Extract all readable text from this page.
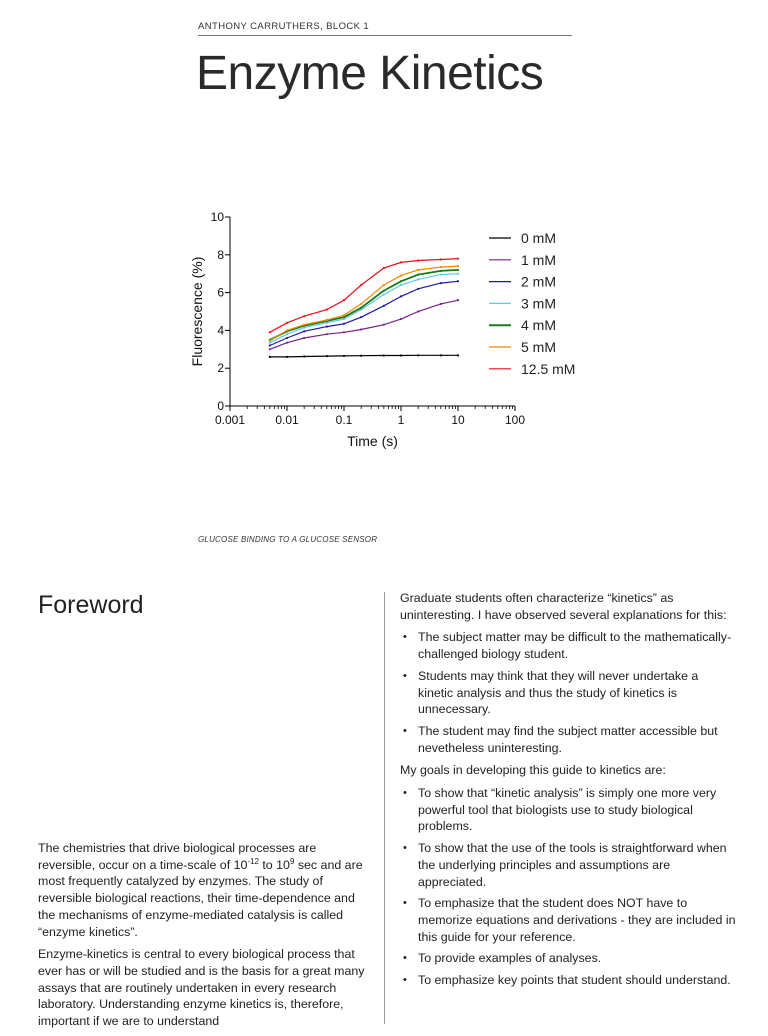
ANTHONY CARRUTHERS, BLOCK 1
Enzyme Kinetics
0
2
4
6
8
10
0.001	0.01	0.1	1	10	100
Time (s)
Fluorescence (%)
0 mM
1 mM
2 mM
3 mM
4 mM
5 mM
12.5 mM
GLUCOSE BINDING TO A GLUCOSE SENSOR
Foreword

The chemistries that drive biological processes are reversible, occur on a time-scale of $10^{-12}$ to $10^9$ sec and are most frequently catalyzed by enzymes. The study of reversible biological reactions, their time-dependence and the mechanisms of enzyme-mediated catalysis is called “enzyme kinetics”.

Enzyme-kinetics is central to every biological process that ever has or will be studied and is the basis for a great many assays that are routinely undertaken in every research laboratory. Understanding enzyme kinetics is, therefore, important if we are to understand

Graduate students often characterize “kinetics” as uninteresting. I have observed several explanations for this:

• The subject matter may be difficult to the mathematically-challenged biology student.
• Students may think that they will never undertake a kinetic analysis and thus the study of kinetics is unnecessary.
• The student may find the subject matter accessible but nevetheless uninteresting.

My goals in developing this guide to kinetics are:

• To show that “kinetic analysis” is simply one more very powerful tool that biologists use to study biological problems.
• To show that the use of the tools is straightforward when the underlying principles and assumptions are appreciated.
• To emphasize that the student does NOT have to memorize equations and derivations - they are included in this guide for your reference.
• To provide examples of analyses.
• To emphasize key points that student should understand.
